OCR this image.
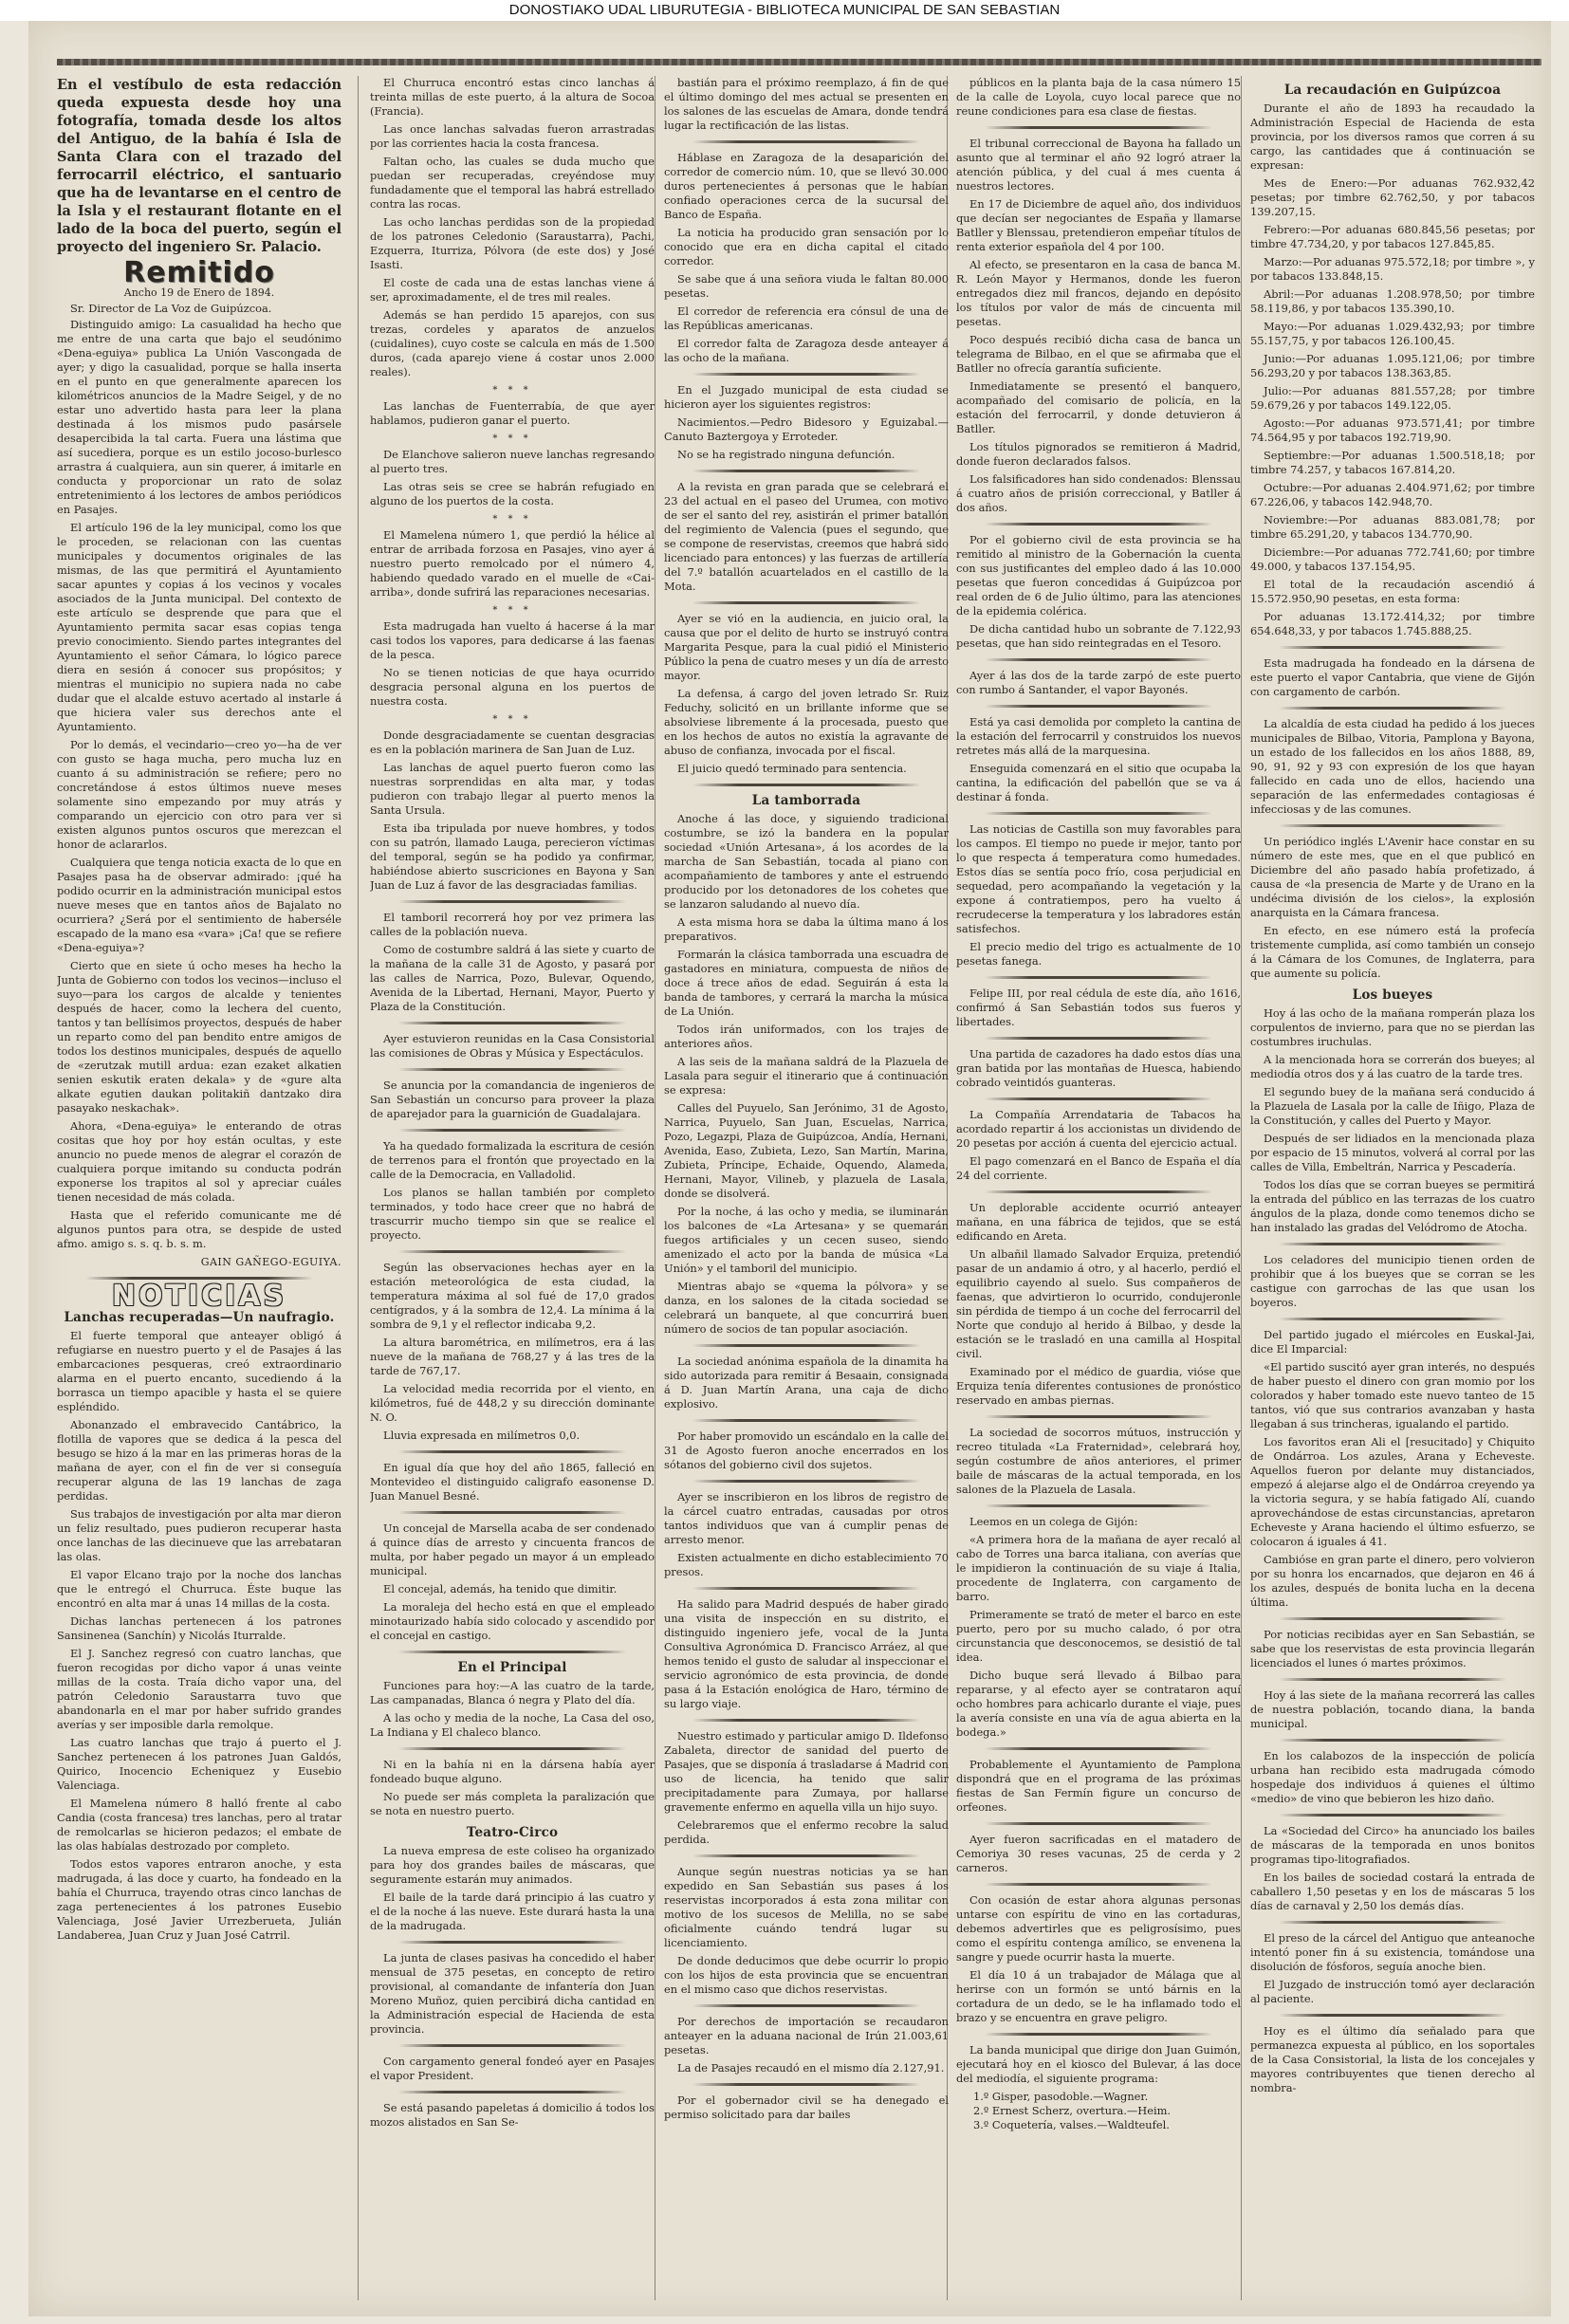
DONOSTIAKO UDAL LIBURUTEGIA - BIBLIOTECA MUNICIPAL DE SAN SEBASTIAN
En el vestíbulo de esta redacción queda expuesta desde hoy una fotografía, tomada desde los altos del Antiguo, de la bahía é Isla de Santa Clara con el trazado del ferrocarril eléctrico, el santuario que ha de levantarse en el centro de la Isla y el restaurant flotante en el lado de la boca del puerto, según el proyecto del ingeniero Sr. Palacio.
Remitido
Ancho 19 de Enero de 1894.
Sr. Director de La Voz de Guipúzcoa.

Distinguido amigo: La casualidad ha hecho que me entre de una carta que bajo el seudónimo «Dena-eguiya» publica La Unión Vascongada de ayer; y digo la casualidad, porque se halla inserta en el punto en que generalmente aparecen los kilométricos anuncios de la Madre Seigel, y de no estar uno advertido hasta para leer la plana destinada á los mismos pudo pasársele desapercibida la tal carta. Fuera una lástima que así sucediera, porque es un estilo jocoso-burlesco arrastra á cualquiera, aun sin querer, á imitarle en conducta y proporcionar un rato de solaz entretenimiento á los lectores de ambos periódicos en Pasajes.

El artículo 196 de la ley municipal, como los que le proceden, se relacionan con las cuentas municipales y documentos originales de las mismas, de las que permitirá el Ayuntamiento sacar apuntes y copias á los vecinos y vocales asociados de la Junta municipal. Del contexto de este artículo se desprende que para que el Ayuntamiento permita sacar esas copias tenga previo conocimiento. Siendo partes integrantes del Ayuntamiento el señor Cámara, lo lógico parece diera en sesión á conocer sus propósitos; y mientras el municipio no supiera nada no cabe dudar que el alcalde estuvo acertado al instarle á que hiciera valer sus derechos ante el Ayuntamiento.

Por lo demás, el vecindario—creo yo—ha de ver con gusto se haga mucha, pero mucha luz en cuanto á su administración se refiere; pero no concretándose á estos últimos nueve meses solamente sino empezando por muy atrás y comparando un ejercicio con otro para ver si existen algunos puntos oscuros que merezcan el honor de aclararlos.

Cualquiera que tenga noticia exacta de lo que en Pasajes pasa ha de observar admirado: ¡qué ha podido ocurrir en la administración municipal estos nueve meses que en tantos años de Bajalato no ocurriera? ¿Será por el sentimiento de haberséle escapado de la mano esa «vara» ¡Ca! que se refiere «Dena-eguiya»?

Cierto que en siete ú ocho meses ha hecho la Junta de Gobierno con todos los vecinos—incluso el suyo—para los cargos de alcalde y tenientes después de hacer, como la lechera del cuento, tantos y tan bellísimos proyectos, después de haber un reparto como del pan bendito entre amigos de todos los destinos municipales, después de aquello de «zerutzak mutill ardua: ezan ezaket alkatien senien eskutik eraten dekala» y de «gure alta alkate egutien daukan politakiñ dantzako dira pasayako neskachak».

Ahora, «Dena-eguiya» le enterando de otras cositas que hoy por hoy están ocultas, y este anuncio no puede menos de alegrar el corazón de cualquiera porque imitando su conducta podrán exponerse los trapitos al sol y apreciar cuáles tienen necesidad de más colada.

Hasta que el referido comunicante me dé algunos puntos para otra, se despide de usted afmo. amigo s. s. q. b. s. m.

GAIN GAÑEGO-EGUIYA.
NOTICIAS
Lanchas recuperadas—Un naufragio.

El fuerte temporal que anteayer obligó á refugiarse en nuestro puerto y el de Pasajes á las embarcaciones pesqueras, creó extraordinario alarma en el puerto encanto, sucediendo á la borrasca un tiempo apacible y hasta el se quiere espléndido.

Abonanzado el embravecido Cantábrico, la flotilla de vapores que se dedica á la pesca del besugo se hizo á la mar en las primeras horas de la mañana de ayer, con el fin de ver si conseguía recuperar alguna de las 19 lanchas de zaga perdidas.

Sus trabajos de investigación por alta mar dieron un feliz resultado, pues pudieron recuperar hasta once lanchas de las diecinueve que las arrebataran las olas.

El vapor Elcano trajo por la noche dos lanchas que le entregó el Churruca. Éste buque las encontró en alta mar á unas 14 millas de la costa.

Dichas lanchas pertenecen á los patrones Sansinenea (Sanchín) y Nicolás Iturralde.

El J. Sanchez regresó con cuatro lanchas, que fueron recogidas por dicho vapor á unas veinte millas de la costa. Traía dicho vapor una, del patrón Celedonio Saraustarra tuvo que abandonarla en el mar por haber sufrido grandes averías y ser imposible darla remolque.

Las cuatro lanchas que trajo á puerto el J. Sanchez pertenecen á los patrones Juan Galdós, Quirico, Inocencio Echeniquez y Eusebio Valenciaga.

El Mamelena número 8 halló frente al cabo Candia (costa francesa) tres lanchas, pero al tratar de remolcarlas se hicieron pedazos; el embate de las olas habíalas destrozado por completo.

Todos estos vapores entraron anoche, y esta madrugada, á las doce y cuarto, ha fondeado en la bahía el Churruca, trayendo otras cinco lanchas de zaga pertenecientes á los patrones Eusebio Valenciaga, José Javier Urrezberueta, Julián Landaberea, Juan Cruz y Juan José Catrril.

El Churruca encontró estas cinco lanchas á treinta millas de este puerto, á la altura de Socoa (Francia).

Las once lanchas salvadas fueron arrastradas por las corrientes hacia la costa francesa.

Faltan ocho, las cuales se duda mucho que puedan ser recuperadas, creyéndose muy fundadamente que el temporal las habrá estrellado contra las rocas.

Las ocho lanchas perdidas son de la propiedad de los patrones Celedonio (Saraustarra), Pachi, Ezquerra, Iturriza, Pólvora (de este dos) y José Isasti.

El coste de cada una de estas lanchas viene á ser, aproximadamente, el de tres mil reales.

Además se han perdido 15 aparejos, con sus trezas, cordeles y aparatos de anzuelos (cuidalines), cuyo coste se calcula en más de 1.500 duros, (cada aparejo viene á costar unos 2.000 reales).

* * *

Las lanchas de Fuenterrabía, de que ayer hablamos, pudieron ganar el puerto.

* * *

De Elanchove salieron nueve lanchas regresando al puerto tres.

Las otras seis se cree se habrán refugiado en alguno de los puertos de la costa.

* * *

El Mamelena número 1, que perdió la hélice al entrar de arribada forzosa en Pasajes, vino ayer á nuestro puerto remolcado por el número 4, habiendo quedado varado en el muelle de «Cai-arriba», donde sufrirá las reparaciones necesarias.

* * *

Esta madrugada han vuelto á hacerse á la mar casi todos los vapores, para dedicarse á las faenas de la pesca.

No se tienen noticias de que haya ocurrido desgracia personal alguna en los puertos de nuestra costa.

* * *

Donde desgraciadamente se cuentan desgracias es en la población marinera de San Juan de Luz.

Las lanchas de aquel puerto fueron como las nuestras sorprendidas en alta mar, y todas pudieron con trabajo llegar al puerto menos la Santa Ursula.

Esta iba tripulada por nueve hombres, y todos con su patrón, llamado Lauga, perecieron víctimas del temporal, según se ha podido ya confirmar, habiéndose abierto suscriciones en Bayona y San Juan de Luz á favor de las desgraciadas familias.

El tamboril recorrerá hoy por vez primera las calles de la población nueva.

Como de costumbre saldrá á las siete y cuarto de la mañana de la calle 31 de Agosto, y pasará por las calles de Narrica, Pozo, Bulevar, Oquendo, Avenida de la Libertad, Hernani, Mayor, Puerto y Plaza de la Constitución.

Ayer estuvieron reunidas en la Casa Consistorial las comisiones de Obras y Música y Espectáculos.

Se anuncia por la comandancia de ingenieros de San Sebastián un concurso para proveer la plaza de aparejador para la guarnición de Guadalajara.

Ya ha quedado formalizada la escritura de cesión de terrenos para el frontón que proyectado en la calle de la Democracia, en Valladolid.

Los planos se hallan también por completo terminados, y todo hace creer que no habrá de trascurrir mucho tiempo sin que se realice el proyecto.

Según las observaciones hechas ayer en la estación meteorológica de esta ciudad, la temperatura máxima al sol fué de 17,0 grados centígrados, y á la sombra de 12,4. La mínima á la sombra de 9,1 y el reflector indicaba 9,2.

La altura barométrica, en milímetros, era á las nueve de la mañana de 768,27 y á las tres de la tarde de 767,17.

La velocidad media recorrida por el viento, en kilómetros, fué de 448,2 y su dirección dominante N. O.

Lluvia expresada en milímetros 0,0.

En igual día que hoy del año 1865, falleció en Montevideo el distinguido caligrafo easonense D. Juan Manuel Besné.

Un concejal de Marsella acaba de ser condenado á quince días de arresto y cincuenta francos de multa, por haber pegado un mayor á un empleado municipal.

El concejal, además, ha tenido que dimitir.

La moraleja del hecho está en que el empleado minotaurizado había sido colocado y ascendido por el concejal en castigo.

En el Principal

Funciones para hoy:—A las cuatro de la tarde, Las campanadas, Blanca ó negra y Plato del día.

A las ocho y media de la noche, La Casa del oso, La Indiana y El chaleco blanco.

Ni en la bahía ni en la dársena había ayer fondeado buque alguno.

No puede ser más completa la paralización que se nota en nuestro puerto.

Teatro-Circo

La nueva empresa de este coliseo ha organizado para hoy dos grandes bailes de máscaras, que seguramente estarán muy animados.

El baile de la tarde dará principio á las cuatro y el de la noche á las nueve. Este durará hasta la una de la madrugada.

La junta de clases pasivas ha concedido el haber mensual de 375 pesetas, en concepto de retiro provisional, al comandante de infantería don Juan Moreno Muñoz, quien percibirá dicha cantidad en la Administración especial de Hacienda de esta provincia.

Con cargamento general fondeó ayer en Pasajes el vapor President.

Se está pasando papeletas á domicilio á todos los mozos alistados en San Se-

bastián para el próximo reemplazo, á fin de que el último domingo del mes actual se presenten en los salones de las escuelas de Amara, donde tendrá lugar la rectificación de las listas.

Háblase en Zaragoza de la desaparición del corredor de comercio núm. 10, que se llevó 30.000 duros pertenecientes á personas que le habían confiado operaciones cerca de la sucursal del Banco de España.

La noticia ha producido gran sensación por lo conocido que era en dicha capital el citado corredor.

Se sabe que á una señora viuda le faltan 80.000 pesetas.

El corredor de referencia era cónsul de una de las Repúblicas americanas.

El corredor falta de Zaragoza desde anteayer á las ocho de la mañana.

En el Juzgado municipal de esta ciudad se hicieron ayer los siguientes registros:

Nacimientos.—Pedro Bidesoro y Eguizabal.—Canuto Baztergoya y Erroteder.

No se ha registrado ninguna defunción.

A la revista en gran parada que se celebrará el 23 del actual en el paseo del Urumea, con motivo de ser el santo del rey, asistirán el primer batallón del regimiento de Valencia (pues el segundo, que se compone de reservistas, creemos que habrá sido licenciado para entonces) y las fuerzas de artillería del 7.º batallón acuartelados en el castillo de la Mota.

Ayer se vió en la audiencia, en juicio oral, la causa que por el delito de hurto se instruyó contra Margarita Pesque, para la cual pidió el Ministerio Público la pena de cuatro meses y un día de arresto mayor.

La defensa, á cargo del joven letrado Sr. Ruiz Feduchy, solicitó en un brillante informe que se absolviese libremente á la procesada, puesto que en los hechos de autos no existía la agravante de abuso de confianza, invocada por el fiscal.

El juicio quedó terminado para sentencia.

La tamborrada

Anoche á las doce, y siguiendo tradicional costumbre, se izó la bandera en la popular sociedad «Unión Artesana», á los acordes de la marcha de San Sebastián, tocada al piano con acompañamiento de tambores y ante el estruendo producido por los detonadores de los cohetes que se lanzaron saludando al nuevo día.

A esta misma hora se daba la última mano á los preparativos.

Formarán la clásica tamborrada una escuadra de gastadores en miniatura, compuesta de niños de doce á trece años de edad. Seguirán á esta la banda de tambores, y cerrará la marcha la música de La Unión.

Todos irán uniformados, con los trajes de anteriores años.

A las seis de la mañana saldrá de la Plazuela de Lasala para seguir el itinerario que á continuación se expresa:

Calles del Puyuelo, San Jerónimo, 31 de Agosto, Narrica, Puyuelo, San Juan, Escuelas, Narrica, Pozo, Legazpi, Plaza de Guipúzcoa, Andía, Hernani, Avenida, Easo, Zubieta, Lezo, San Martín, Marina, Zubieta, Príncipe, Echaide, Oquendo, Alameda, Hernani, Mayor, Vilineb, y plazuela de Lasala, donde se disolverá.

Por la noche, á las ocho y media, se iluminarán los balcones de «La Artesana» y se quemarán fuegos artificiales y un cecen suseo, siendo amenizado el acto por la banda de música «La Unión» y el tamboril del municipio.

Mientras abajo se «quema la pólvora» y se danza, en los salones de la citada sociedad se celebrará un banquete, al que concurrirá buen número de socios de tan popular asociación.

La sociedad anónima española de la dinamita ha sido autorizada para remitir á Besaain, consignada á D. Juan Martín Arana, una caja de dicho explosivo.

Por haber promovido un escándalo en la calle del 31 de Agosto fueron anoche encerrados en los sótanos del gobierno civil dos sujetos.

Ayer se inscribieron en los libros de registro de la cárcel cuatro entradas, causadas por otros tantos individuos que van á cumplir penas de arresto menor.

Existen actualmente en dicho establecimiento 70 presos.

Ha salido para Madrid después de haber girado una visita de inspección en su distrito, el distinguido ingeniero jefe, vocal de la Junta Consultiva Agronómica D. Francisco Arráez, al que hemos tenido el gusto de saludar al inspeccionar el servicio agronómico de esta provincia, de donde pasa á la Estación enológica de Haro, término de su largo viaje.

Nuestro estimado y particular amigo D. Ildefonso Zabaleta, director de sanidad del puerto de Pasajes, que se disponía á trasladarse á Madrid con uso de licencia, ha tenido que salir precipitadamente para Zumaya, por hallarse gravemente enfermo en aquella villa un hijo suyo.

Celebraremos que el enfermo recobre la salud perdida.

Aunque según nuestras noticias ya se han expedido en San Sebastián sus pases á los reservistas incorporados á esta zona militar con motivo de los sucesos de Melilla, no se sabe oficialmente cuándo tendrá lugar su licenciamiento.

De donde deducimos que debe ocurrir lo propio con los hijos de esta provincia que se encuentran en el mismo caso que dichos reservistas.

Por derechos de importación se recaudaron anteayer en la aduana nacional de Irún 21.003,61 pesetas.

La de Pasajes recaudó en el mismo día 2.127,91.

Por el gobernador civil se ha denegado el permiso solicitado para dar bailes

públicos en la planta baja de la casa número 15 de la calle de Loyola, cuyo local parece que no reune condiciones para esa clase de fiestas.

El tribunal correccional de Bayona ha fallado un asunto que al terminar el año 92 logró atraer la atención pública, y del cual á mes cuenta á nuestros lectores.

En 17 de Diciembre de aquel año, dos individuos que decían ser negociantes de España y llamarse Batller y Blenssau, pretendieron empeñar títulos de renta exterior española del 4 por 100.

Al efecto, se presentaron en la casa de banca M. R. León Mayor y Hermanos, donde les fueron entregados diez mil francos, dejando en depósito los títulos por valor de más de cincuenta mil pesetas.

Poco después recibió dicha casa de banca un telegrama de Bilbao, en el que se afirmaba que el Batller no ofrecía garantía suficiente.

Inmediatamente se presentó el banquero, acompañado del comisario de policía, en la estación del ferrocarril, y donde detuvieron á Batller.

Los títulos pignorados se remitieron á Madrid, donde fueron declarados falsos.

Los falsificadores han sido condenados: Blenssau á cuatro años de prisión correccional, y Batller á dos años.

Por el gobierno civil de esta provincia se ha remitido al ministro de la Gobernación la cuenta con sus justificantes del empleo dado á las 10.000 pesetas que fueron concedidas á Guipúzcoa por real orden de 6 de Julio último, para las atenciones de la epidemia colérica.

De dicha cantidad hubo un sobrante de 7.122,93 pesetas, que han sido reintegradas en el Tesoro.

Ayer á las dos de la tarde zarpó de este puerto con rumbo á Santander, el vapor Bayonés.

Está ya casi demolida por completo la cantina de la estación del ferrocarril y construidos los nuevos retretes más allá de la marquesina.

Enseguida comenzará en el sitio que ocupaba la cantina, la edificación del pabellón que se va á destinar á fonda.

Las noticias de Castilla son muy favorables para los campos. El tiempo no puede ir mejor, tanto por lo que respecta á temperatura como humedades. Estos días se sentía poco frío, cosa perjudicial en sequedad, pero acompañando la vegetación y la expone á contratiempos, pero ha vuelto á recrudecerse la temperatura y los labradores están satisfechos.

El precio medio del trigo es actualmente de 10 pesetas fanega.

Felipe III, por real cédula de este día, año 1616, confirmó á San Sebastián todos sus fueros y libertades.

Una partida de cazadores ha dado estos días una gran batida por las montañas de Huesca, habiendo cobrado veintidós guanteras.

La Compañía Arrendataria de Tabacos ha acordado repartir á los accionistas un dividendo de 20 pesetas por acción á cuenta del ejercicio actual.

El pago comenzará en el Banco de España el día 24 del corriente.

Un deplorable accidente ocurrió anteayer mañana, en una fábrica de tejidos, que se está edificando en Areta.

Un albañil llamado Salvador Erquiza, pretendió pasar de un andamio á otro, y al hacerlo, perdió el equilibrio cayendo al suelo. Sus compañeros de faenas, que advirtieron lo ocurrido, condujeronle sin pérdida de tiempo á un coche del ferrocarril del Norte que condujo al herido á Bilbao, y desde la estación se le trasladó en una camilla al Hospital civil.

Examinado por el médico de guardia, vióse que Erquiza tenía diferentes contusiones de pronóstico reservado en ambas piernas.

La sociedad de socorros mútuos, instrucción y recreo titulada «La Fraternidad», celebrará hoy, según costumbre de años anteriores, el primer baile de máscaras de la actual temporada, en los salones de la Plazuela de Lasala.

Leemos en un colega de Gijón:

«A primera hora de la mañana de ayer recaló al cabo de Torres una barca italiana, con averías que le impidieron la continuación de su viaje á Italia, procedente de Inglaterra, con cargamento de barro.

Primeramente se trató de meter el barco en este puerto, pero por su mucho calado, ó por otra circunstancia que desconocemos, se desistió de tal idea.

Dicho buque será llevado á Bilbao para repararse, y al efecto ayer se contrataron aquí ocho hombres para achicarlo durante el viaje, pues la avería consiste en una vía de agua abierta en la bodega.»

Probablemente el Ayuntamiento de Pamplona dispondrá que en el programa de las próximas fiestas de San Fermín figure un concurso de orfeones.

Ayer fueron sacrificadas en el matadero de Cemoriya 30 reses vacunas, 25 de cerda y 2 carneros.

Con ocasión de estar ahora algunas personas untarse con espíritu de vino en las cortaduras, debemos advertirles que es peligrosísimo, pues como el espíritu contenga amílico, se envenena la sangre y puede ocurrir hasta la muerte.

El día 10 á un trabajador de Málaga que al herirse con un formón se untó bárnis en la cortadura de un dedo, se le ha inflamado todo el brazo y se encuentra en grave peligro.

La banda municipal que dirige don Juan Guimón, ejecutará hoy en el kiosco del Bulevar, á las doce del mediodía, el siguiente programa:

1.º Gisper, pasodoble.—Wagner.
2.º Ernest Scherz, overtura.—Heim.
3.º Coquetería, valses.—Waldteufel.
La recaudación en Guipúzcoa

Durante el año de 1893 ha recaudado la Administración Especial de Hacienda de esta provincia, por los diversos ramos que corren á su cargo, las cantidades que á continuación se expresan:

Mes de Enero:—Por aduanas 762.932,42 pesetas; por timbre 62.762,50, y por tabacos 139.207,15.

Febrero:—Por aduanas 680.845,56 pesetas; por timbre 47.734,20, y por tabacos 127.845,85.

Marzo:—Por aduanas 975.572,18; por timbre », y por tabacos 133.848,15.

Abril:—Por aduanas 1.208.978,50; por timbre 58.119,86, y por tabacos 135.390,10.

Mayo:—Por aduanas 1.029.432,93; por timbre 55.157,75, y por tabacos 126.100,45.

Junio:—Por aduanas 1.095.121,06; por timbre 56.293,20 y por tabacos 138.363,85.

Julio:—Por aduanas 881.557,28; por timbre 59.679,26 y por tabacos 149.122,05.

Agosto:—Por aduanas 973.571,41; por timbre 74.564,95 y por tabacos 192.719,90.

Septiembre:—Por aduanas 1.500.518,18; por timbre 74.257, y tabacos 167.814,20.

Octubre:—Por aduanas 2.404.971,62; por timbre 67.226,06, y tabacos 142.948,70.

Noviembre:—Por aduanas 883.081,78; por timbre 65.291,20, y tabacos 134.770,90.

Diciembre:—Por aduanas 772.741,60; por timbre 49.000, y tabacos 137.154,95.

El total de la recaudación ascendió á 15.572.950,90 pesetas, en esta forma:

Por aduanas 13.172.414,32; por timbre 654.648,33, y por tabacos 1.745.888,25.

Esta madrugada ha fondeado en la dársena de este puerto el vapor Cantabria, que viene de Gijón con cargamento de carbón.

La alcaldía de esta ciudad ha pedido á los jueces municipales de Bilbao, Vitoria, Pamplona y Bayona, un estado de los fallecidos en los años 1888, 89, 90, 91, 92 y 93 con expresión de los que hayan fallecido en cada uno de ellos, haciendo una separación de las enfermedades contagiosas é infecciosas y de las comunes.

Un periódico inglés L'Avenir hace constar en su número de este mes, que en el que publicó en Diciembre del año pasado había profetizado, á causa de «la presencia de Marte y de Urano en la undécima división de los cielos», la explosión anarquista en la Cámara francesa.

En efecto, en ese número está la profecía tristemente cumplida, así como también un consejo á la Cámara de los Comunes, de Inglaterra, para que aumente su policía.

Los bueyes

Hoy á las ocho de la mañana romperán plaza los corpulentos de invierno, para que no se pierdan las costumbres iruchulas.

A la mencionada hora se correrán dos bueyes; al mediodía otros dos y á las cuatro de la tarde tres.

El segundo buey de la mañana será conducido á la Plazuela de Lasala por la calle de Iñigo, Plaza de la Constitución, y calles del Puerto y Mayor.

Después de ser lidiados en la mencionada plaza por espacio de 15 minutos, volverá al corral por las calles de Villa, Embeltrán, Narrica y Pescadería.

Todos los días que se corran bueyes se permitirá la entrada del público en las terrazas de los cuatro ángulos de la plaza, donde como tenemos dicho se han instalado las gradas del Velódromo de Atocha.

Los celadores del municipio tienen orden de prohibir que á los bueyes que se corran se les castigue con garrochas de las que usan los boyeros.

Del partido jugado el miércoles en Euskal-Jai, dice El Imparcial:

«El partido suscitó ayer gran interés, no después de haber puesto el dinero con gran momio por los colorados y haber tomado este nuevo tanteo de 15 tantos, vió que sus contrarios avanzaban y hasta llegaban á sus trincheras, igualando el partido.

Los favoritos eran Ali el [resucitado] y Chiquito de Ondárroa. Los azules, Arana y Echeveste. Aquellos fueron por delante muy distanciados, empezó á alejarse algo el de Ondárroa creyendo ya la victoria segura, y se había fatigado Alí, cuando aprovechándose de estas circunstancias, apretaron Echeveste y Arana haciendo el último esfuerzo, se colocaron á iguales á 41.

Cambióse en gran parte el dinero, pero volvieron por su honra los encarnados, que dejaron en 46 á los azules, después de bonita lucha en la decena última.

Por noticias recibidas ayer en San Sebastián, se sabe que los reservistas de esta provincia llegarán licenciados el lunes ó martes próximos.

Hoy á las siete de la mañana recorrerá las calles de nuestra población, tocando diana, la banda municipal.

En los calabozos de la inspección de policía urbana han recibido esta madrugada cómodo hospedaje dos individuos á quienes el último «medio» de vino que bebieron les hizo daño.

La «Sociedad del Circo» ha anunciado los bailes de máscaras de la temporada en unos bonitos programas tipo-litografiados.

En los bailes de sociedad costará la entrada de caballero 1,50 pesetas y en los de máscaras 5 los días de carnaval y 2,50 los demás días.

El preso de la cárcel del Antiguo que anteanoche intentó poner fin á su existencia, tomándose una disolución de fósforos, seguía anoche bien.

El Juzgado de instrucción tomó ayer declaración al paciente.

Hoy es el último día señalado para que permanezca expuesta al público, en los soportales de la Casa Consistorial, la lista de los concejales y mayores contribuyentes que tienen derecho al nombra-
